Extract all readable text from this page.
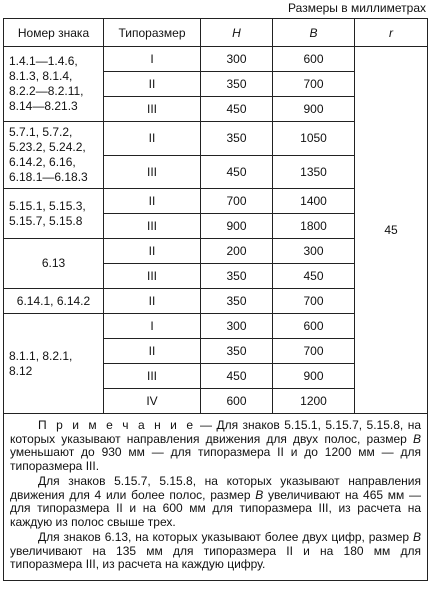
Размеры в миллиметрах
Номер знака	Типоразмер	H	B	r

1.4.1—1.4.6,
8.1.3, 8.1.4,
8.2.2—8.2.11,
8.14—8.21.3	I	300	600	45
	II	350	700	
	III	450	900	

5.7.1, 5.7.2,
5.23.2, 5.24.2,
6.14.2, 6.16,
6.18.1—6.18.3	II	350	1050	
	III	450	1350	

5.15.1, 5.15.3,
5.15.7, 5.15.8	II	700	1400	
	III	900	1800	

6.13	II	200	300	
	III	350	450	

6.14.1, 6.14.2	II	350	700	

8.1.1, 8.2.1,
8.12	I	300	600	
	II	350	700	
	III	450	900	
	IV	600	1200	

П р и м е ч а н и е — Для знаков 5.15.1, 5.15.7, 5.15.8, на которых указывают направления движения для двух полос, размер B уменьшают до 930 мм — для типоразмера II и до 1200 мм — для типоразмера III.

Для знаков 5.15.7, 5.15.8, на которых указывают направления движения для 4 или более полос, размер B увеличивают на 465 мм — для типоразмера II и на 600 мм для типоразмера III, из расчета на каждую из полос свыше трех.

Для знаков 6.13, на которых указывают более двух цифр, размер B увеличивают на 135 мм для типоразмера II и на 180 мм для типоразмера III, из расчета на каждую цифру.				
